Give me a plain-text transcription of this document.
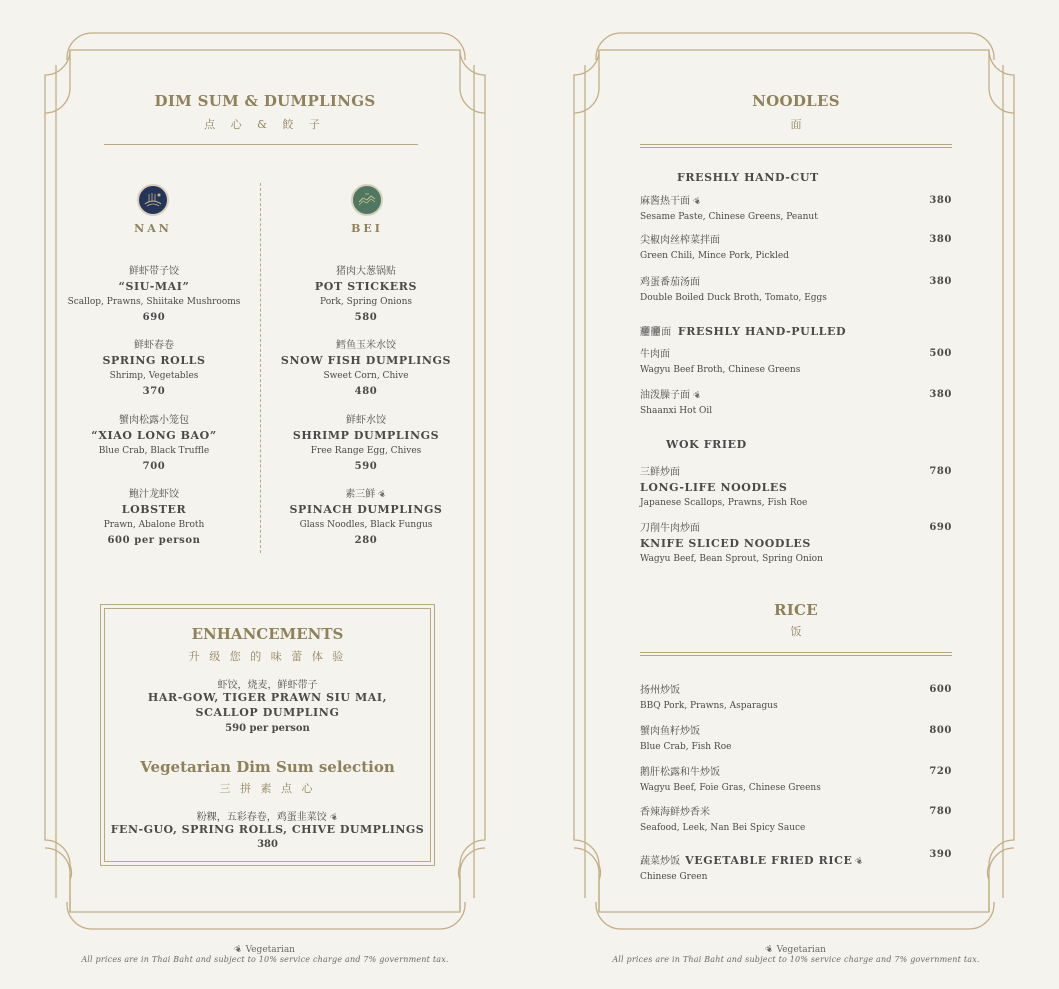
DIM SUM & DUMPLINGS
点 心 & 餃 子
NAN	BEI
鲜虾带子饺
“SIU-MAI”
Scallop, Prawns, Shiitake Mushrooms
690
鲜虾春卷
SPRING ROLLS
Shrimp, Vegetables
370
蟹肉松露小笼包
“XIAO LONG BAO”
Blue Crab, Black Truffle
700
鲍汁龙虾饺
LOBSTER
Prawn, Abalone Broth
600 per person
猪肉大葱锅贴
POT STICKERS
Pork, Spring Onions
580
鳕鱼玉米水饺
SNOW FISH DUMPLINGS
Sweet Corn, Chive
480
鲜虾水饺
SHRIMP DUMPLINGS
Free Range Egg, Chives
590
素三鲜 ❦
SPINACH DUMPLINGS
Glass Noodles, Black Fungus
280
ENHANCEMENTS
升 级 您 的 味 蕾 体 验
虾饺，烧麦，鲜虾带子
HAR-GOW, TIGER PRAWN SIU MAI,
SCALLOP DUMPLING
590 per person
Vegetarian Dim Sum selection
三 拼 素 点 心
粉粿，五彩春卷，鸡蛋韭菜饺 ❦
FEN-GUO, SPRING ROLLS, CHIVE DUMPLINGS
380
NOODLES
面
FRESHLY HAND-CUT
麻酱热干面 ❦
Sesame Paste, Chinese Greens, Peanut
380
尖椒肉丝榨菜拌面
Green Chili, Mince Pork, Pickled
380
鸡蛋番茄汤面
Double Boiled Duck Broth, Tomato, Eggs
380
𰻞𰻞面 FRESHLY HAND-PULLED
牛肉面
Wagyu Beef Broth, Chinese Greens
500
油泼臊子面 ❦
Shaanxi Hot Oil
380
WOK FRIED
三鲜炒面
LONG-LIFE NOODLES
Japanese Scallops, Prawns, Fish Roe
780
刀削牛肉炒面
KNIFE SLICED NOODLES
Wagyu Beef, Bean Sprout, Spring Onion
690
RICE
饭
扬州炒饭
BBQ Pork, Prawns, Asparagus
600
蟹肉鱼籽炒饭
Blue Crab, Fish Roe
800
鹅肝松露和牛炒饭
Wagyu Beef, Foie Gras, Chinese Greens
720
香辣海鲜炒香米
Seafood, Leek, Nan Bei Spicy Sauce
780
蔬菜炒饭 VEGETABLE FRIED RICE ❦
Chinese Green
390
❦Vegetarian
All prices are in Thai Baht and subject to 10% service charge and 7% government tax.
❦Vegetarian
All prices are in Thai Baht and subject to 10% service charge and 7% government tax.
